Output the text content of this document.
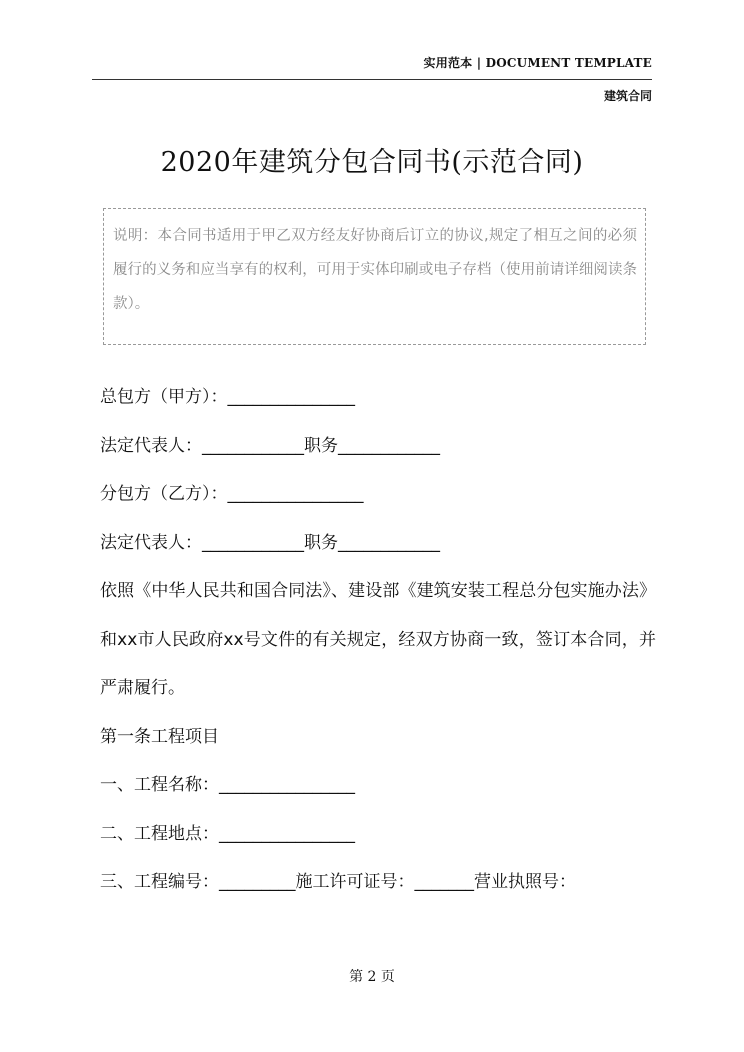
实用范本 | DOCUMENT TEMPLATE
建筑合同
2020年建筑分包合同书(示范合同)
说明：本合同书适用于甲乙双方经友好协商后订立的协议,规定了相互之间的必须履行的义务和应当享有的权利，可用于实体印刷或电子存档（使用前请详细阅读条款）。
总包方（甲方）：_______________
法定代表人：____________职务____________
分包方（乙方）：________________
法定代表人：____________职务____________
依照《中华人民共和国合同法》、建设部《建筑安装工程总分包实施办法》和xx市人民政府xx号文件的有关规定，经双方协商一致，签订本合同，并严肃履行。
第一条工程项目
一、工程名称：________________
二、工程地点：________________
三、工程编号：_________施工许可证号：_______营业执照号：
第 2 页
